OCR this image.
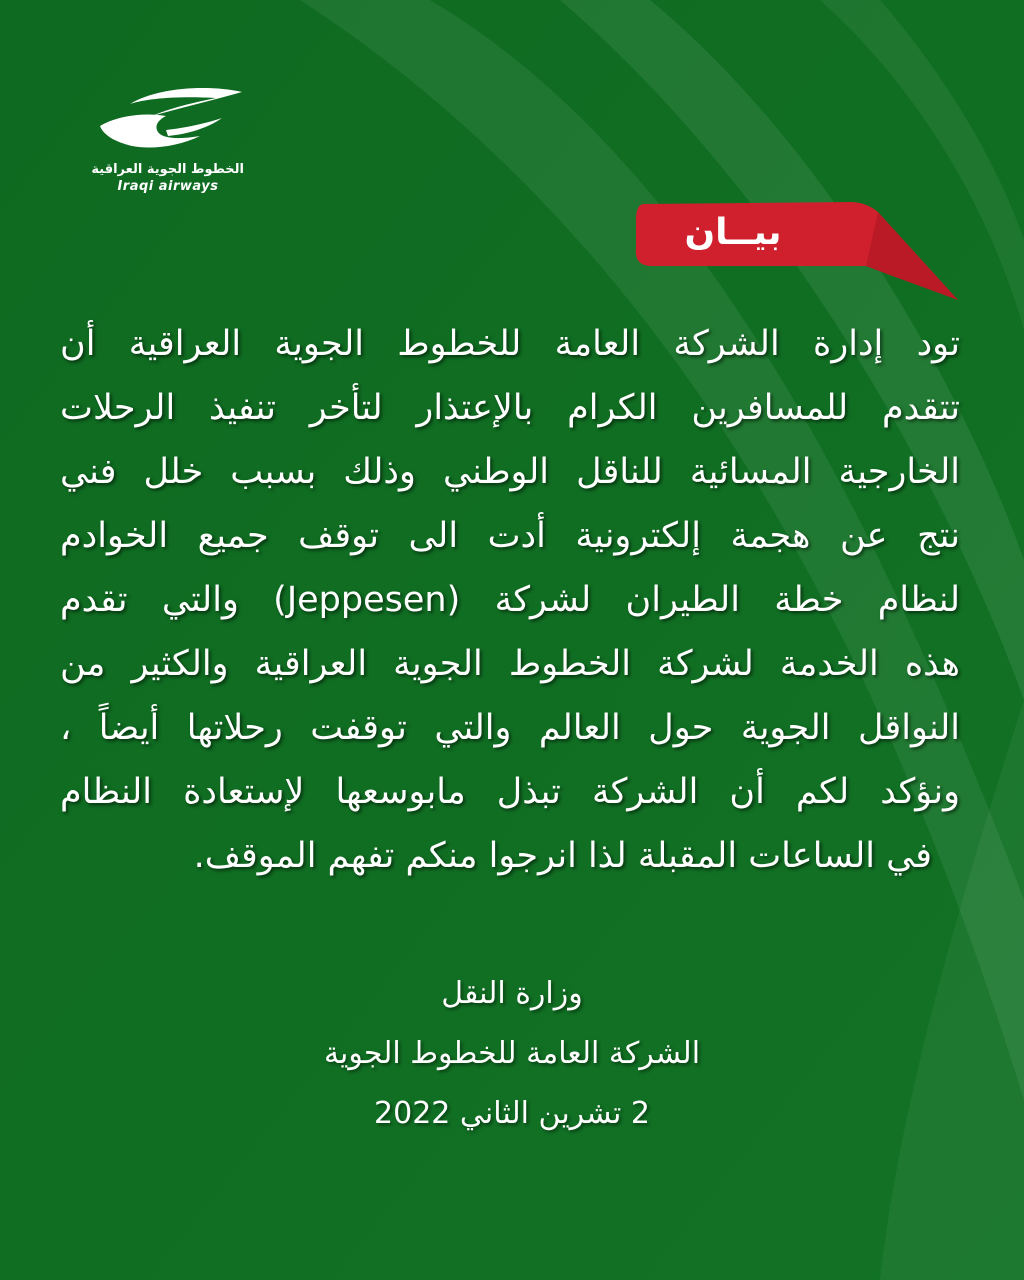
الخطوط الجوية العراقية
Iraqi airways
بيــان
تود إدارة الشركة العامة للخطوط الجوية العراقية أن
تتقدم للمسافرين الكرام بالإعتذار لتأخر تنفيذ الرحلات
الخارجية المسائية للناقل الوطني وذلك بسبب خلل فني
نتج عن هجمة إلكترونية أدت الى توقف جميع الخوادم
لنظام خطة الطيران لشركة (Jeppesen) والتي تقدم
هذه الخدمة لشركة الخطوط الجوية العراقية والكثير من
النواقل الجوية حول العالم والتي توقفت رحلاتها أيضاً ،
ونؤكد لكم أن الشركة تبذل مابوسعها لإستعادة النظام
في الساعات المقبلة لذا انرجوا منكم تفهم الموقف.
وزارة النقل
الشركة العامة للخطوط الجوية
2 تشرين الثاني 2022
